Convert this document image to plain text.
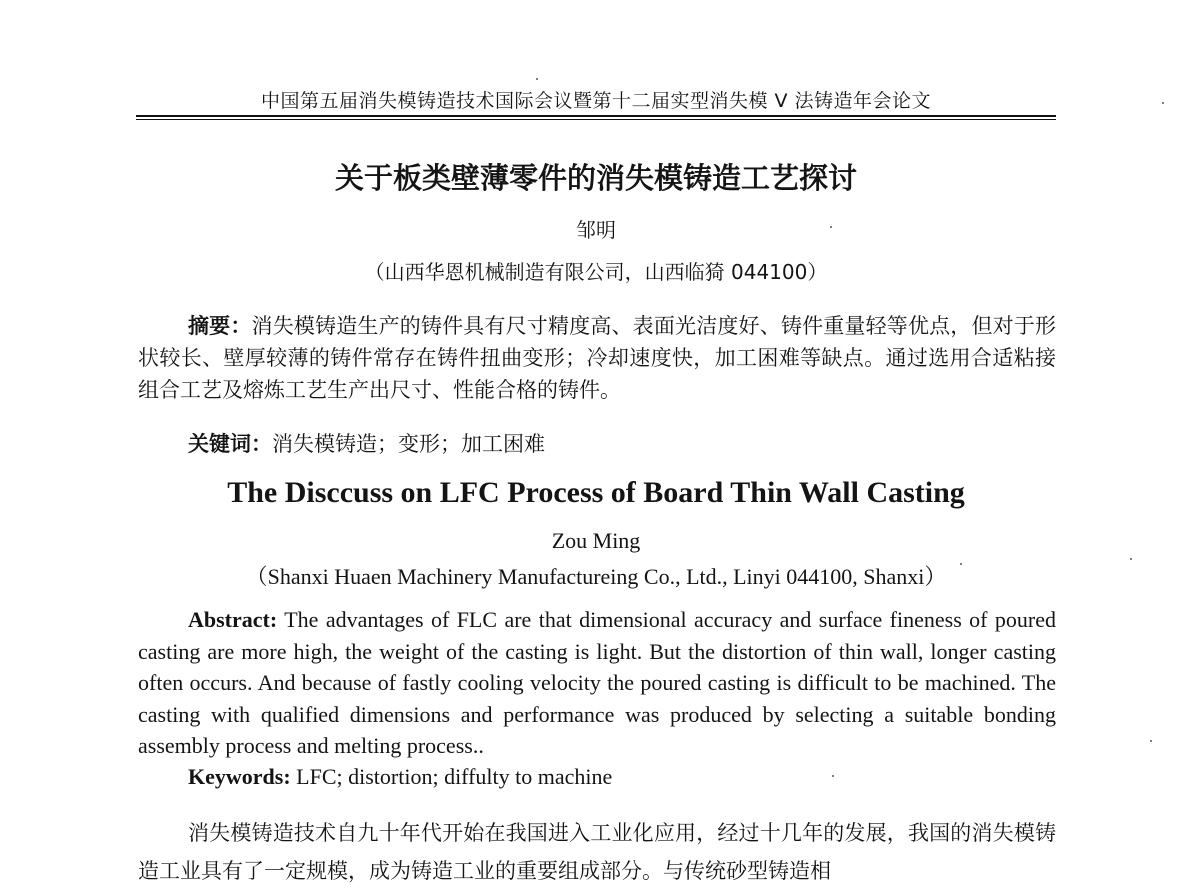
中国第五届消失模铸造技术国际会议暨第十二届实型消失模 V 法铸造年会论文
关于板类壁薄零件的消失模铸造工艺探讨
邹明
（山西华恩机械制造有限公司，山西临猗 044100）
摘要：消失模铸造生产的铸件具有尺寸精度高、表面光洁度好、铸件重量轻等优点，但对于形状较长、壁厚较薄的铸件常存在铸件扭曲变形；冷却速度快，加工困难等缺点。通过选用合适粘接组合工艺及熔炼工艺生产出尺寸、性能合格的铸件。
关键词：消失模铸造；变形；加工困难
The Disccuss on LFC Process of Board Thin Wall Casting
Zou Ming
（Shanxi Huaen Machinery Manufactureing Co., Ltd., Linyi 044100, Shanxi）
Abstract: The advantages of FLC are that dimensional accuracy and surface fineness of poured casting are more high, the weight of the casting is light. But the distortion of thin wall, longer casting often occurs. And because of fastly cooling velocity the poured casting is difficult to be machined. The casting with qualified dimensions and performance was produced by selecting a suitable bonding assembly process and melting process..
Keywords: LFC; distortion; diffulty to machine
消失模铸造技术自九十年代开始在我国进入工业化应用，经过十几年的发展，我国的消失模铸造工业具有了一定规模，成为铸造工业的重要组成部分。与传统砂型铸造相
